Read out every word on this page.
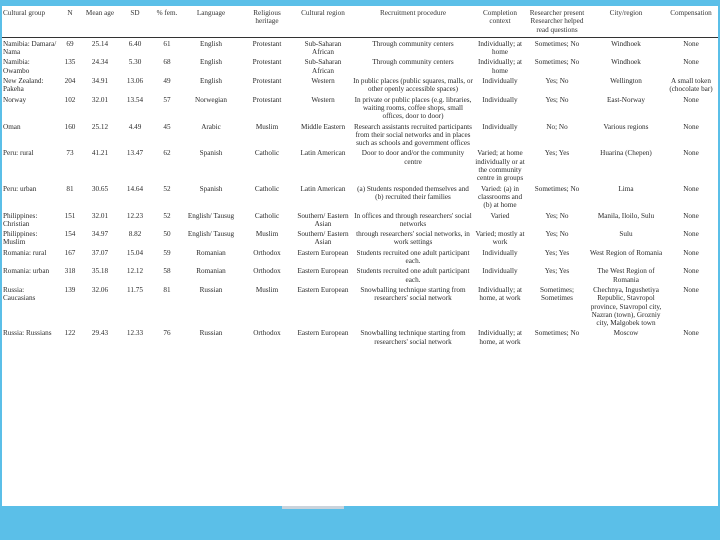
Cultural group	N	Mean age	SD	% fem.	Language	Religious heritage	Cultural region	Recruitment procedure	Completion context	Researcher present Researcher helped read questions	City/region	Compensation
Namibia: Damara/ Nama	69	25.14	6.40	61	English	Protestant	Sub-Saharan African	Through community centers	Individually; at home	Sometimes; No	Windhoek	None
Namibia: Owambo	135	24.34	5.30	68	English	Protestant	Sub-Saharan African	Through community centers	Individually; at home	Sometimes; No	Windhoek	None
New Zealand: Pakeha	204	34.91	13.06	49	English	Protestant	Western	In public places (public squares, malls, or other openly accessible spaces)	Individually	Yes; No	Wellington	A small token (chocolate bar)
Norway	102	32.01	13.54	57	Norwegian	Protestant	Western	In private or public places (e.g. libraries, waiting rooms, coffee shops, small offices, door to door)	Individually	Yes; No	East-Norway	None
Oman	160	25.12	4.49	45	Arabic	Muslim	Middle Eastern	Research assistants recruited participants from their social networks and in places such as schools and government offices	Individually	No; No	Various regions	None
Peru: rural	73	41.21	13.47	62	Spanish	Catholic	Latin American	Door to door and/or the community centre	Varied; at home individually or at the community centre in groups	Yes; Yes	Huarina (Chepen)	None
Peru: urban	81	30.65	14.64	52	Spanish	Catholic	Latin American	(a) Students responded themselves and (b) recruited their families	Varied: (a) in classrooms and (b) at home	Sometimes; No	Lima	None
Philippines: Christian	151	32.01	12.23	52	English/ Tausug	Catholic	Southern/ Eastern Asian	In offices and through researchers' social networks	Varied	Yes; No	Manila, Iloilo, Sulu	None
Philippines: Muslim	154	34.97	8.82	50	English/ Tausug	Muslim	Southern/ Eastern Asian	through researchers' social networks, in work settings	Varied; mostly at work	Yes; No	Sulu	None
Romania: rural	167	37.07	15.04	59	Romanian	Orthodox	Eastern European	Students recruited one adult participant each.	Individually	Yes; Yes	West Region of Romania	None
Romania: urban	318	35.18	12.12	58	Romanian	Orthodox	Eastern European	Students recruited one adult participant each.	Individually	Yes; Yes	The West Region of Romania	None
Russia: Caucasians	139	32.06	11.75	81	Russian	Muslim	Eastern European	Snowballing technique starting from researchers' social network	Individually; at home, at work	Sometimes; Sometimes	Chechnya, Ingushetiya Republic, Stavropol province, Stavropol city, Nazran (town), Grozniy city, Malgobek town	None
Russia: Russians	122	29.43	12.33	76	Russian	Orthodox	Eastern European	Snowballing technique starting from researchers' social network	Individually; at home, at work	Sometimes; No	Moscow	None
